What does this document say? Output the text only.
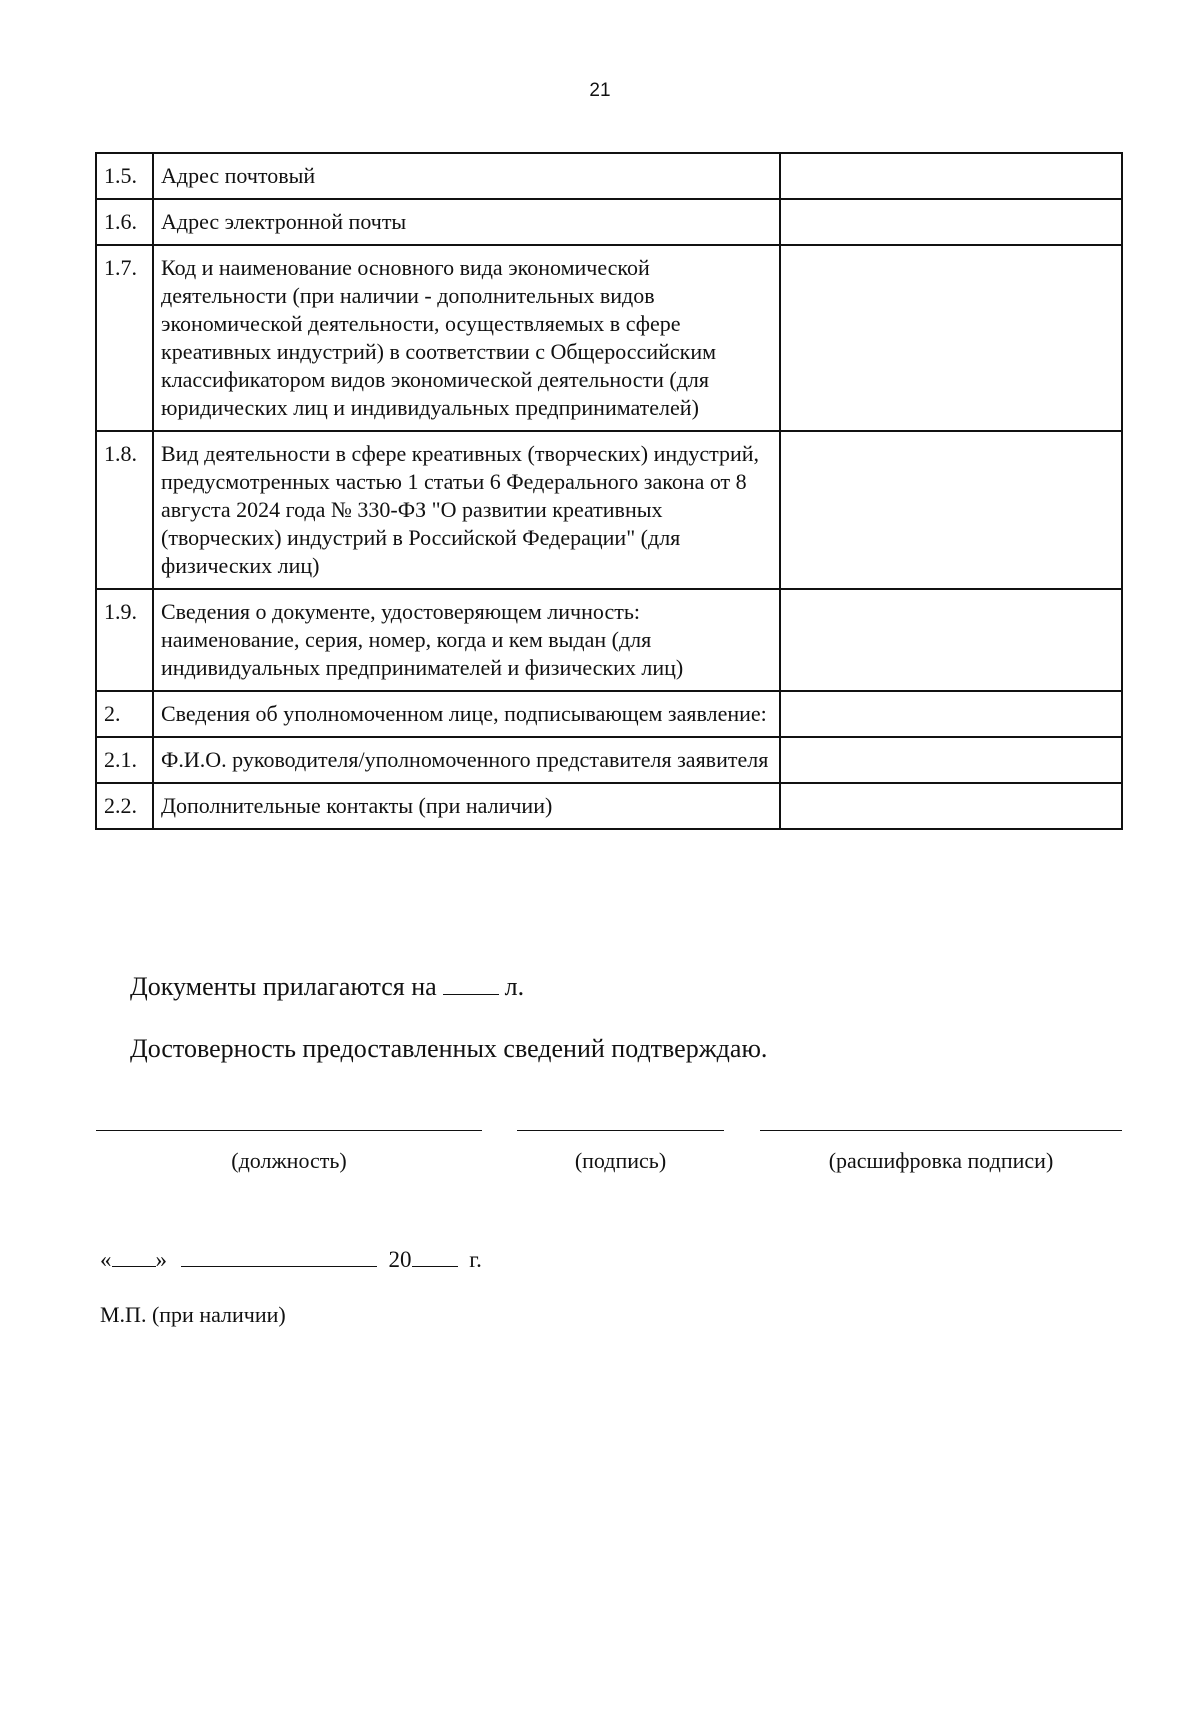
21
1.5.	Адрес почтовый	
1.6.	Адрес электронной почты	
1.7.	Код и наименование основного вида экономической деятельности (при наличии - дополнительных видов экономической деятельности, осуществляемых в сфере креативных индустрий) в соответствии с Общероссийским классификатором видов экономической деятельности (для юридических лиц и индивидуальных предпринимателей)	
1.8.	Вид деятельности в сфере креативных (творческих) индустрий, предусмотренных частью 1 статьи 6 Федерального закона от 8 августа 2024 года № 330-ФЗ "О развитии креативных (творческих) индустрий в Российской Федерации" (для физических лиц)	
1.9.	Сведения о документе, удостоверяющем личность: наименование, серия, номер, когда и кем выдан (для индивидуальных предпринимателей и физических лиц)	
2.	Сведения об уполномоченном лице, подписывающем заявление:	
2.1.	Ф.И.О. руководителя/уполномоченного представителя заявителя	
2.2.	Дополнительные контакты (при наличии)	
Документы прилагаются на	л.
Достоверность предоставленных сведений подтверждаю.
(должность)	(подпись)	(расшифровка подписи)
« »	20	г.
М.П. (при наличии)
